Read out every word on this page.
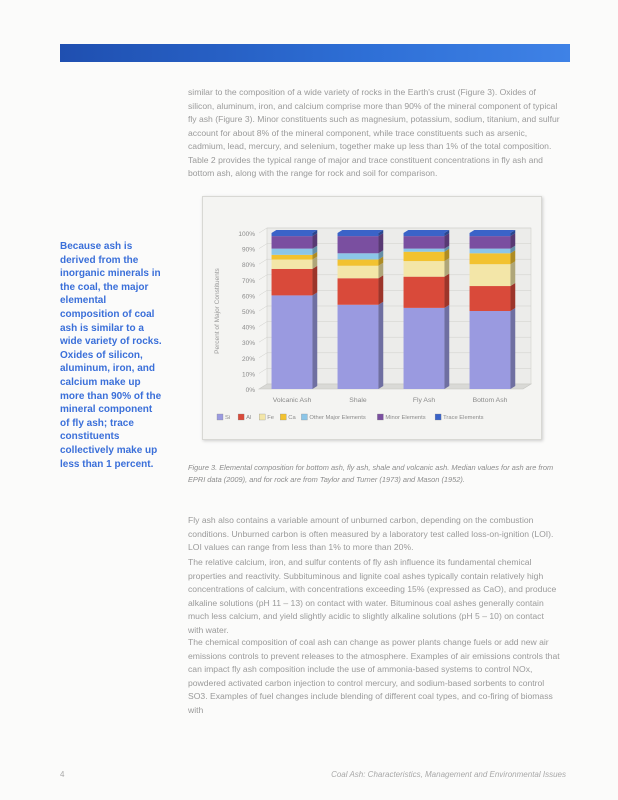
similar to the composition of a wide variety of rocks in the Earth's crust (Figure 3). Oxides of silicon, aluminum, iron, and calcium comprise more than 90% of the mineral component of typical fly ash (Figure 3). Minor constituents such as magnesium, potassium, sodium, titanium, and sulfur account for about 8% of the mineral component, while trace constituents such as arsenic, cadmium, lead, mercury, and selenium, together make up less than 1% of the total composition. Table 2 provides the typical range of major and trace constituent concentrations in fly ash and bottom ash, along with the range for rock and soil for comparison.

Because ash is derived from the inorganic minerals in the coal, the major elemental composition of coal ash is similar to a wide variety of rocks. Oxides of silicon, aluminum, iron, and calcium make up more than 90% of the mineral component of fly ash; trace constituents collectively make up less than 1 percent.
0%
10%
20%
30%
40%
50%
60%
70%
80%
90%
100%
Percent of Major Constituents
Volcanic Ash	Shale	Fly Ash	Bottom Ash
Si	Al	Fe Ca Other Major Elements	Minor Elements	Trace Elements

Figure 3. Elemental composition for bottom ash, fly ash, shale and volcanic ash. Median values for ash are from EPRI data (2009), and for rock are from Taylor and Turner (1973) and Mason (1952).

Fly ash also contains a variable amount of unburned carbon, depending on the combustion conditions. Unburned carbon is often measured by a laboratory test called loss-on-ignition (LOI). LOI values can range from less than 1% to more than 20%.

The relative calcium, iron, and sulfur contents of fly ash influence its fundamental chemical properties and reactivity. Subbituminous and lignite coal ashes typically contain relatively high concentrations of calcium, with concentrations exceeding 15% (expressed as CaO), and produce alkaline solutions (pH 11 – 13) on contact with water. Bituminous coal ashes generally contain much less calcium, and yield slightly acidic to slightly alkaline solutions (pH 5 – 10) on contact with water.

The chemical composition of coal ash can change as power plants change fuels or add new air emissions controls to prevent releases to the atmosphere. Examples of air emissions controls that can impact fly ash composition include the use of ammonia-based systems to control NOx, powdered activated carbon injection to control mercury, and sodium-based sorbents to control SO3. Examples of fuel changes include blending of different coal types, and co-firing of biomass with

4	Coal Ash: Characteristics, Management and Environmental Issues
